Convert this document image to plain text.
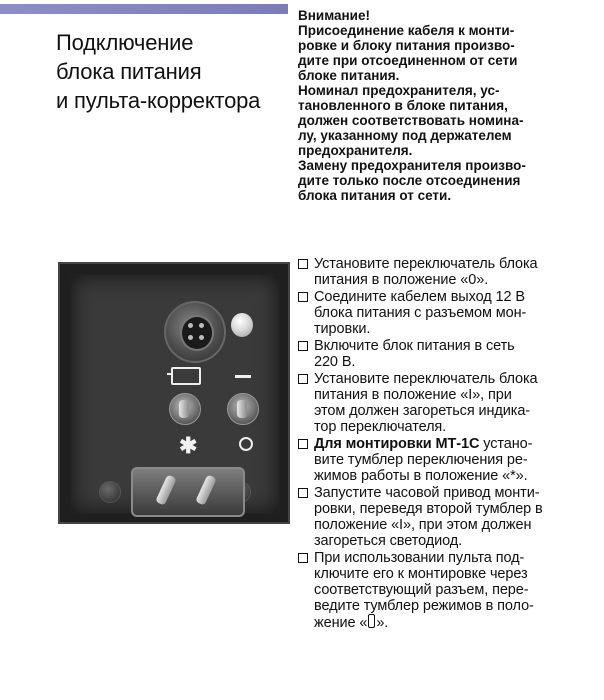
Подключение
блока питания
и пульта-корректора
✱
Внимание!
Присоединение кабеля к монти-
ровке и блоку питания произво-
дите при отсоединенном от сети
блоке питания.
Номинал предохранителя, ус-
тановленного в блоке питания,
должен соответствовать номина-
лу, указанному под держателем
предохранителя.
Замену предохранителя произво-
дите только после отсоединения
блока питания от сети.
Установите переключатель блока
питания в положение «0».
Соедините кабелем выход 12 В
блока питания с разъемом мон-
тировки.
Включите блок питания в сеть
220 В.
Установите переключатель блока
питания в положение «I», при
этом должен загореться индика-
тор переключателя.
Для монтировки МТ-1С устано-
вите тумблер переключения ре-
жимов работы в положение «*».
Запустите часовой привод монти-
ровки, переведя второй тумблер в
положение «I», при этом должен
загореться светодиод.
При использовании пульта под-
ключите его к монтировке через
соответствующий разъем, пере-
ведите тумблер режимов в поло-
жение « ».
